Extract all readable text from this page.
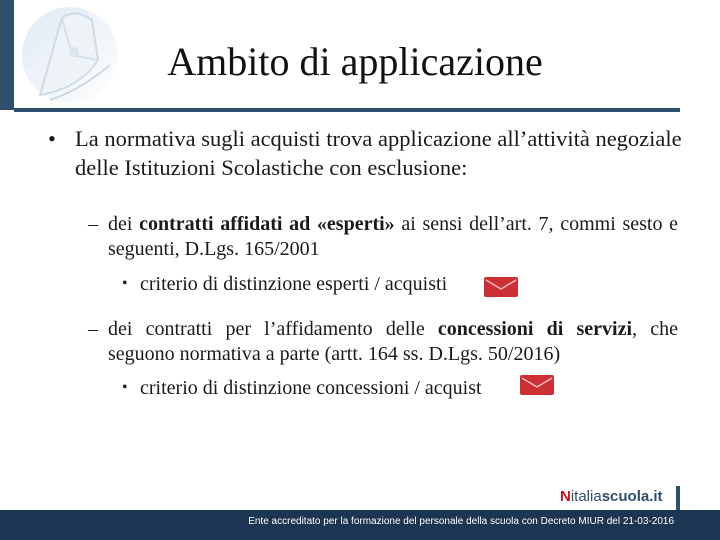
Ambito di applicazione
• La normativa sugli acquisti trova applicazione all’attività negoziale delle Istituzioni Scolastiche con esclusione:
– dei contratti affidati ad «esperti» ai sensi dell’art. 7, commi sesto e seguenti, D.Lgs. 165/2001
• criterio di distinzione esperti / acquisti
– dei contratti per l’affidamento delle concessioni di servizi, che seguono normativa a parte (artt. 164 ss. D.Lgs. 50/2016)
• criterio di distinzione concessioni / acquist
Nitaliascuola.it
Ente accreditato per la formazione del personale della scuola con Decreto MIUR del 21-03-2016
